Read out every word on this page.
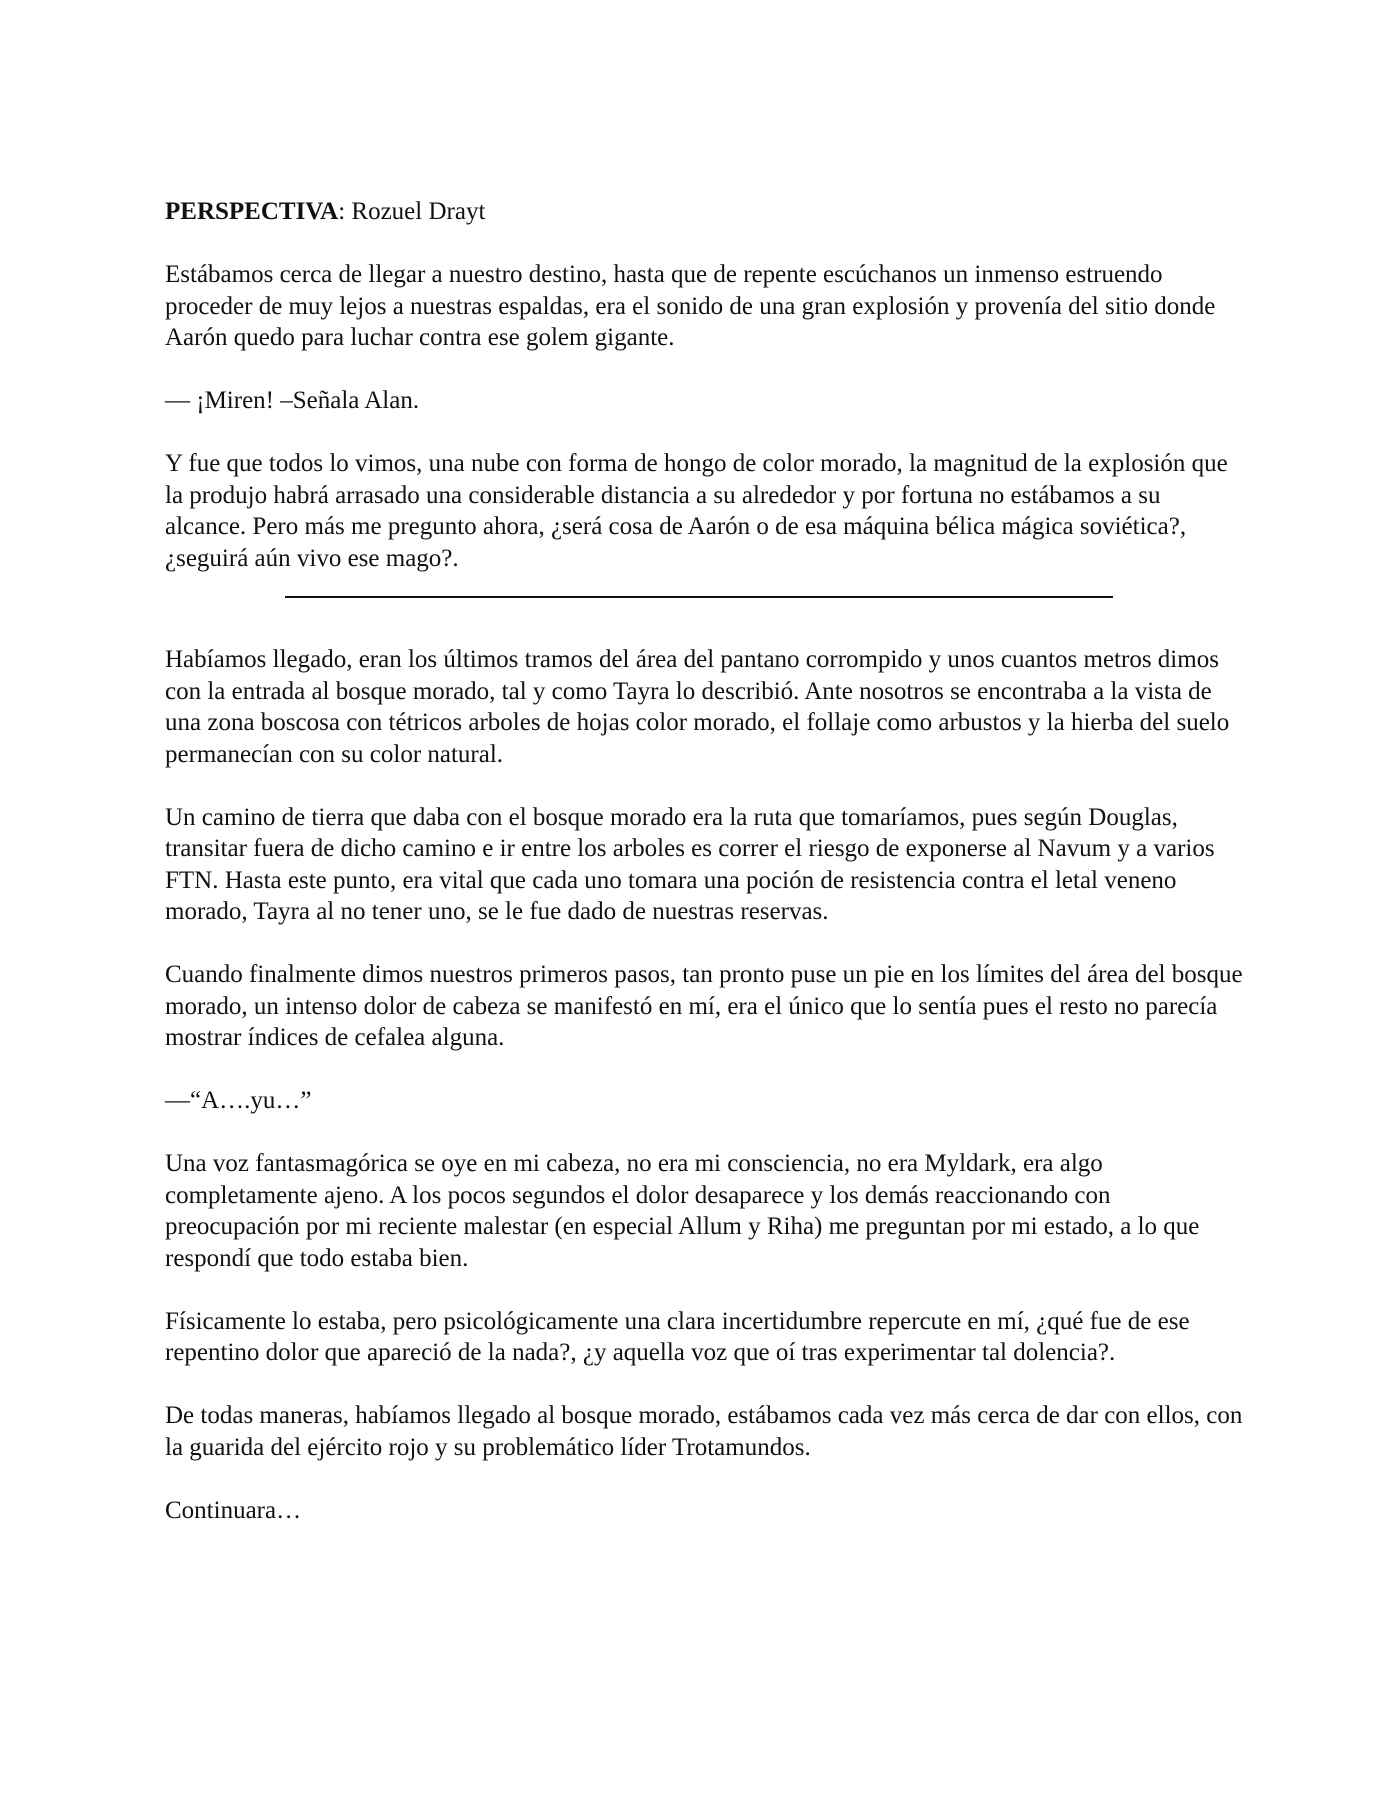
PERSPECTIVA: Rozuel Drayt

Estábamos cerca de llegar a nuestro destino, hasta que de repente escúchanos un inmenso estruendo proceder de muy lejos a nuestras espaldas, era el sonido de una gran explosión y provenía del sitio donde Aarón quedo para luchar contra ese golem gigante.

— ¡Miren! –Señala Alan.

Y fue que todos lo vimos, una nube con forma de hongo de color morado, la magnitud de la explosión que la produjo habrá arrasado una considerable distancia a su alrededor y por fortuna no estábamos a su alcance. Pero más me pregunto ahora, ¿será cosa de Aarón o de esa máquina bélica mágica soviética?, ¿seguirá aún vivo ese mago?.

Habíamos llegado, eran los últimos tramos del área del pantano corrompido y unos cuantos metros dimos con la entrada al bosque morado, tal y como Tayra lo describió. Ante nosotros se encontraba a la vista de una zona boscosa con tétricos arboles de hojas color morado, el follaje como arbustos y la hierba del suelo permanecían con su color natural.

Un camino de tierra que daba con el bosque morado era la ruta que tomaríamos, pues según Douglas, transitar fuera de dicho camino e ir entre los arboles es correr el riesgo de exponerse al Navum y a varios FTN. Hasta este punto, era vital que cada uno tomara una poción de resistencia contra el letal veneno morado, Tayra al no tener uno, se le fue dado de nuestras reservas.

Cuando finalmente dimos nuestros primeros pasos, tan pronto puse un pie en los límites del área del bosque morado, un intenso dolor de cabeza se manifestó en mí, era el único que lo sentía pues el resto no parecía mostrar índices de cefalea alguna.

—“A….yu…”

Una voz fantasmagórica se oye en mi cabeza, no era mi consciencia, no era Myldark, era algo completamente ajeno. A los pocos segundos el dolor desaparece y los demás reaccionando con preocupación por mi reciente malestar (en especial Allum y Riha) me preguntan por mi estado, a lo que respondí que todo estaba bien.

Físicamente lo estaba, pero psicológicamente una clara incertidumbre repercute en mí, ¿qué fue de ese repentino dolor que apareció de la nada?, ¿y aquella voz que oí tras experimentar tal dolencia?.

De todas maneras, habíamos llegado al bosque morado, estábamos cada vez más cerca de dar con ellos, con la guarida del ejército rojo y su problemático líder Trotamundos.

Continuara…
